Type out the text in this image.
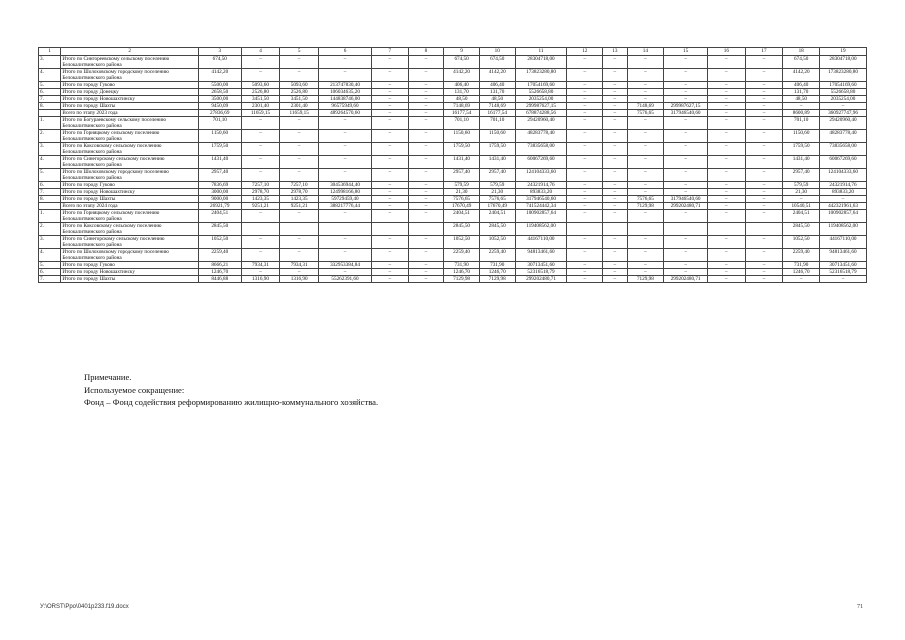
1	2	3	4	5	6	7	8	9	10	11	12	13	14	15	16	17	18	19
3.	Итого по Сингореевскому сельскому поселению Белокалитвинского района	674,50	–	–	–	–	–	674,50	674,50	28304718,00	–	–	–	–	–	–	674,50	28304718,00
4.	Итого по Шолоховскому городскому поселению Белокалитвинского района	4142,20	–	–	–	–	–	4142,20	4142,20	173823280,80	–	–	–	–	–	–	4142,20	173823280,80
5.	Итого по городу Гуково	5500,00	5093,60	5093,60	213747830,40	–	–	406,40	406,40	17054169,60	–	–	–	–	–	–	406,40	17054169,60
6.	Итого по городу Донецку	2658,50	2526,80	2526,80	106034635,20	–	–	131,70	131,70	5526658,80	–	–	–	–	–	–	131,70	5526658,80
7.	Итого по городу Новошахтинску	3500,00	3451,50	3451,50	144838746,00	–	–	48,50	48,50	2035254,00	–	–	–	–	–	–	48,50	2035254,00
8.	Итого по городу Шахты	9450,09	2301,40	2301,40	96575949,60	–	–	7148,69	7148,69	299987627,15	–	–	7148,69	299987627,15	–	–	–	–
	Всего по этапу 2023 года	27836,69	11659,15	11659,15	489264570,60	–	–	16177,54	16177,54	678874288,56	–	–	7576,65	317946540,60	–	–	8600,89	360927747,96
1.	Итого по Богураевскому сельскому поселению Белокалитвинского района	701,10	–	–	–	–	–	701,10	701,10	29420960,40	–	–	–	–	–	–	701,10	29420960,40
2.	Итого по Горняцкому сельскому поселению Белокалитвинского района	1150,60	–	–	–	–	–	1150,60	1150,60	48283778,40	–	–	–	–	–	–	1150,60	48283778,40
3.	Итого по Коксовскому сельскому поселению Белокалитвинского района	1759,50	–	–	–	–	–	1759,50	1759,50	73835658,00	–	–	–	–	–	–	1759,50	73835658,00
4.	Итого по Синегорскому сельскому поселению Белокалитвинского района	1431,40	–	–	–	–	–	1431,40	1431,40	60067269,60	–	–	–	–	–	–	1431,40	60067269,60
5.	Итого по Шолоховскому городскому поселению Белокалитвинского района	2957,40	–	–	–	–	–	2957,40	2957,40	124104333,60	–	–	–	–	–	–	2957,40	124104333,60
6.	Итого по городу Гуково	7836,69	7257,10	7257,10	304536944,40	–	–	579,59	579,59	24321914,76	–	–	–	–	–	–	579,59	24321914,76
7.	Итого по городу Новошахтинску	3000,00	2978,70	2978,70	124998166,80	–	–	21,30	21,30	893833,20	–	–	–	–	–	–	21,30	893833,20
8.	Итого по городу Шахты	9000,00	1423,35	1423,35	59729459,40	–	–	7576,65	7576,65	317946540,60	–	–	7576,65	317946540,60	–	–	–	–
	Всего по этапу 2024 года	26921,79	9251,21	9251,21	388217776,44	–	–	17670,49	17670,49	741524442,34	–	–	7129,98	299202480,71	–	–	10540,51	442321961,63
1.	Итого по Горняцкому сельскому поселению Белокалитвинского района	2404,51	–	–	–	–	–	2404,51	2404,51	100902857,64	–	–	–	–	–	–	2404,51	100902857,64
2.	Итого по Коксовскому сельскому поселению Белокалитвинского района	2845,50						2845,50	2845,50	119408562,00							2845,50	119408562,00
3.	Итого по Синегорскому сельскому поселению Белокалитвинского района	1052,50	–	–	–	–	–	1052,50	1052,50	44167110,00	–	–	–	–	–	–	1052,50	44167110,00
4.	Итого по Шолоховскому городскому поселению Белокалитвинского района	2259,40	–	–	–	–	–	2259,40	2259,40	94813461,60	–	–	–	–	–	–	2259,40	94813461,60
5.	Итого по городу Гуково	8666,21	7934,31	7934,31	332953384,84	–	–	731,90	731,90	30713451,60	–	–	–	–	–	–	731,90	30713451,60
6.	Итого по городу Новошахтинску	1246,70	–	–	–	–	–	1246,70	1246,70	52316518,79	–	–	–	–	–	–	1246,70	52316518,79
7.	Итого по городу Шахты	8446,88	1316,90	1316,90	55262391,60	–	–	7129,98	7129,98	299202480,71	–	–	7129,98	299202480,71	–	–	–	–
Примечание.
Используемое сокращение:
Фонд – Фонд содействия реформированию жилищно-коммунального хозяйства.
У:\ORST\Ppo\0401p233.f19.docx	71
